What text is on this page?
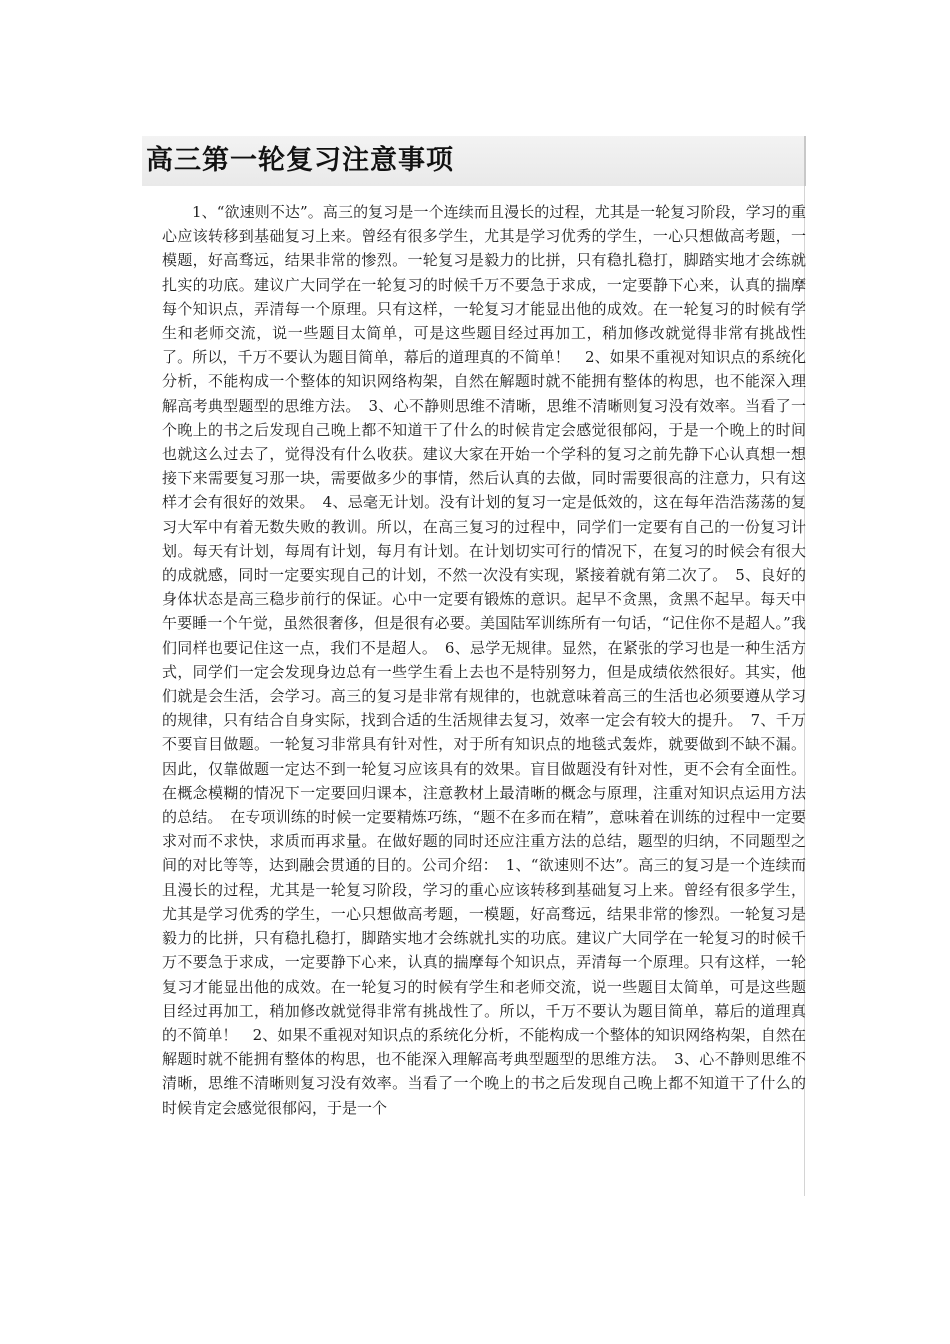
高三第一轮复习注意事项

1、“欲速则不达”。高三的复习是一个连续而且漫长的过程，尤其是一轮复习阶段，学习的重心应该转移到基础复习上来。曾经有很多学生，尤其是学习优秀的学生，一心只想做高考题，一模题，好高骛远，结果非常的惨烈。一轮复习是毅力的比拼，只有稳扎稳打，脚踏实地才会练就扎实的功底。建议广大同学在一轮复习的时候千万不要急于求成，一定要静下心来，认真的揣摩每个知识点，弄清每一个原理。只有这样，一轮复习才能显出他的成效。在一轮复习的时候有学生和老师交流，说一些题目太简单，可是这些题目经过再加工，稍加修改就觉得非常有挑战性了。所以，千万不要认为题目简单，幕后的道理真的不简单！　2、如果不重视对知识点的系统化分析，不能构成一个整体的知识网络构架，自然在解题时就不能拥有整体的构思，也不能深入理解高考典型题型的思维方法。　3、心不静则思维不清晰，思维不清晰则复习没有效率。当看了一个晚上的书之后发现自己晚上都不知道干了什么的时候肯定会感觉很郁闷，于是一个晚上的时间也就这么过去了，觉得没有什么收获。建议大家在开始一个学科的复习之前先静下心认真想一想接下来需要复习那一块，需要做多少的事情，然后认真的去做，同时需要很高的注意力，只有这样才会有很好的效果。　4、忌毫无计划。没有计划的复习一定是低效的，这在每年浩浩荡荡的复习大军中有着无数失败的教训。所以，在高三复习的过程中，同学们一定要有自己的一份复习计划。每天有计划，每周有计划，每月有计划。在计划切实可行的情况下，在复习的时候会有很大的成就感，同时一定要实现自己的计划，不然一次没有实现，紧接着就有第二次了。　5、良好的身体状态是高三稳步前行的保证。心中一定要有锻炼的意识。起早不贪黑，贪黑不起早。每天中午要睡一个午觉，虽然很奢侈，但是很有必要。美国陆军训练所有一句话，“记住你不是超人。”我们同样也要记住这一点，我们不是超人。　6、忌学无规律。显然，在紧张的学习也是一种生活方式，同学们一定会发现身边总有一些学生看上去也不是特别努力，但是成绩依然很好。其实，他们就是会生活，会学习。高三的复习是非常有规律的，也就意味着高三的生活也必须要遵从学习的规律，只有结合自身实际，找到合适的生活规律去复习，效率一定会有较大的提升。　7、千万不要盲目做题。一轮复习非常具有针对性，对于所有知识点的地毯式轰炸，就要做到不缺不漏。因此，仅靠做题一定达不到一轮复习应该具有的效果。盲目做题没有针对性，更不会有全面性。在概念模糊的情况下一定要回归课本，注意教材上最清晰的概念与原理，注重对知识点运用方法的总结。　在专项训练的时候一定要精炼巧练，“题不在多而在精”，意味着在训练的过程中一定要求对而不求快，求质而再求量。在做好题的同时还应注重方法的总结，题型的归纳，不同题型之间的对比等等，达到融会贯通的目的。公司介绍：　1、“欲速则不达”。高三的复习是一个连续而且漫长的过程，尤其是一轮复习阶段，学习的重心应该转移到基础复习上来。曾经有很多学生，尤其是学习优秀的学生，一心只想做高考题，一模题，好高骛远，结果非常的惨烈。一轮复习是毅力的比拼，只有稳扎稳打，脚踏实地才会练就扎实的功底。建议广大同学在一轮复习的时候千万不要急于求成，一定要静下心来，认真的揣摩每个知识点，弄清每一个原理。只有这样，一轮复习才能显出他的成效。在一轮复习的时候有学生和老师交流，说一些题目太简单，可是这些题目经过再加工，稍加修改就觉得非常有挑战性了。所以，千万不要认为题目简单，幕后的道理真的不简单！　2、如果不重视对知识点的系统化分析，不能构成一个整体的知识网络构架，自然在解题时就不能拥有整体的构思，也不能深入理解高考典型题型的思维方法。　3、心不静则思维不清晰，思维不清晰则复习没有效率。当看了一个晚上的书之后发现自己晚上都不知道干了什么的时候肯定会感觉很郁闷，于是一个
